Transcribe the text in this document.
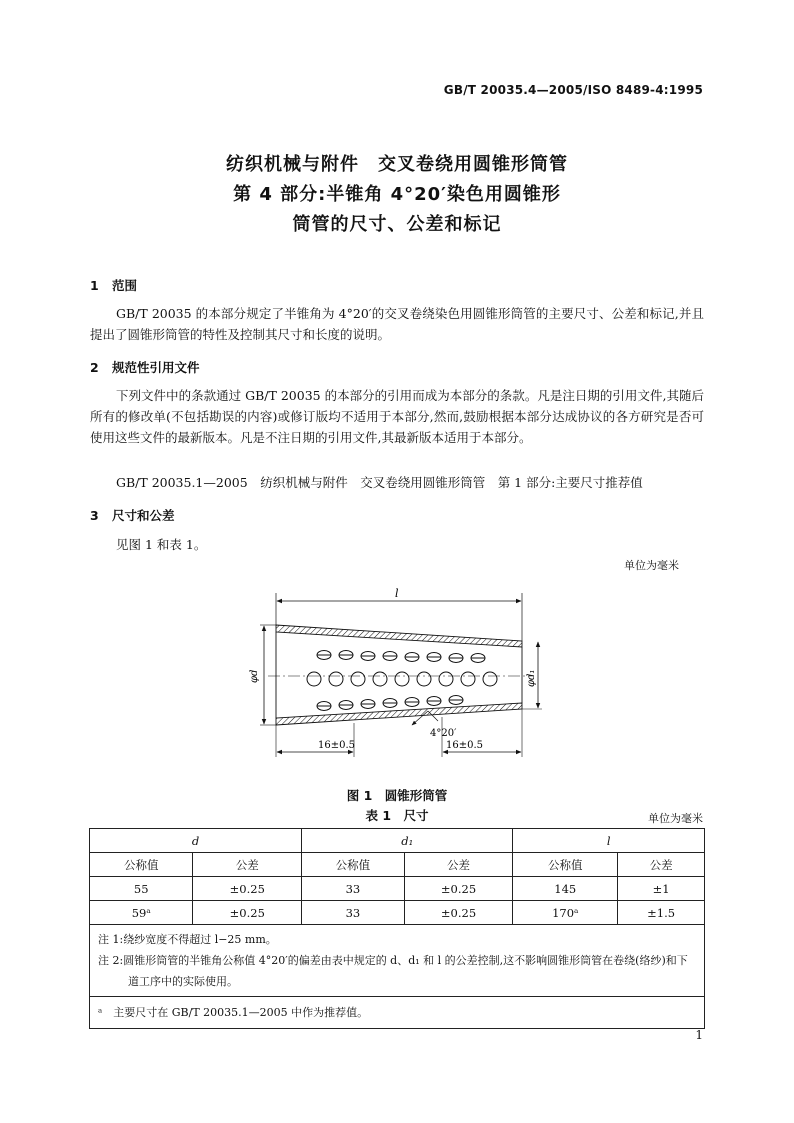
GB/T 20035.4—2005/ISO 8489-4:1995
纺织机械与附件　交叉卷绕用圆锥形筒管
第 4 部分:半锥角 4°20′染色用圆锥形
筒管的尺寸、公差和标记
1 范围

GB/T 20035 的本部分规定了半锥角为 4°20′的交叉卷绕染色用圆锥形筒管的主要尺寸、公差和标记,并且提出了圆锥形筒管的特性及控制其尺寸和长度的说明。

2 规范性引用文件

下列文件中的条款通过 GB/T 20035 的本部分的引用而成为本部分的条款。凡是注日期的引用文件,其随后所有的修改单(不包括勘误的内容)或修订版均不适用于本部分,然而,鼓励根据本部分达成协议的各方研究是否可使用这些文件的最新版本。凡是不注日期的引用文件,其最新版本适用于本部分。

GB/T 20035.1—2005　纺织机械与附件　交叉卷绕用圆锥形筒管　第 1 部分:主要尺寸推荐值
3 尺寸和公差

见图 1 和表 1。

单位为毫米
l
φd	φd₁
4°20′
16±0.5	16±0.5
图 1　圆锥形筒管
表 1　尺寸	单位为毫米
d		d₁		l	
公称值	公差	公称值	公差	公称值	公差
55	±0.25	33	±0.25	145	±1
59ᵃ	±0.25	33	±0.25	170ᵃ	±1.5

注 1:绕纱宽度不得超过 l−25 mm。
注 2:圆锥形筒管的半锥角公称值 4°20′的偏差由表中规定的 d、d₁ 和 l 的公差控制,这不影响圆锥形筒管在卷绕(络纱)和下道工序中的实际使用。					

ᵃ　主要尺寸在 GB/T 20035.1—2005 中作为推荐值。					
1
